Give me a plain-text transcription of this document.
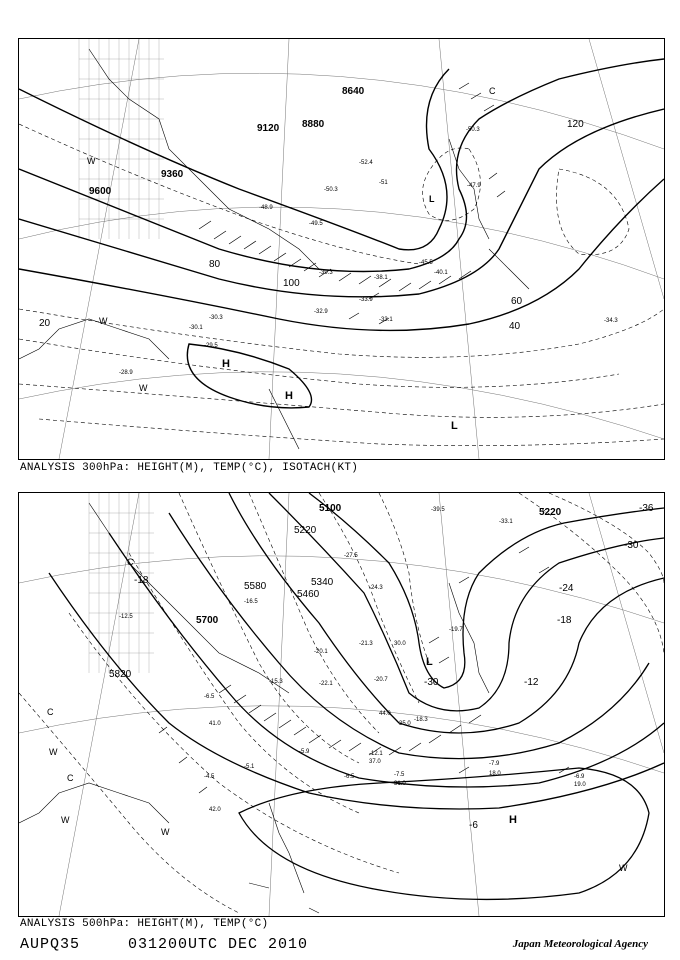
8640
8880
9120
9360
9600
20	40
60
80
100
120
H
H
L
L
W
W
W
C
-50.3
-49.5
-52.4
-48.9
-51
-45.5
-40.1
-38.1
-39.3
-33.9
-33.1
-32.9
-30.1
-30.3
-28.9
-29.5
-34.3
-50.3
-47.9
ANALYSIS 300hPa: HEIGHT(M), TEMP(°C), ISOTACH(KT)
5100	5220
5220
5340
5460
5580
5700
5820
-36
-30
-24
-18
-12
-6
-30
-18
L
H
C
C
C
W
W
W
W
-39.5
-33.1
-27.5
-24.3
-21.3
-20.7
-19.7
-22.1
-18.3
-20.1
-16.5
-15.3
-12.1
-7.5
-7.9
-6.9
-6.5
-5.9
-5.1
-4.5
-12.5
-6.5
30.0
35.0
44.0
41.0
42.0
37.0
31.0	19.0
18.0
ANALYSIS 500hPa: HEIGHT(M), TEMP(°C)
AUPQ35	031200UTC DEC 2010	Japan Meteorological Agency
